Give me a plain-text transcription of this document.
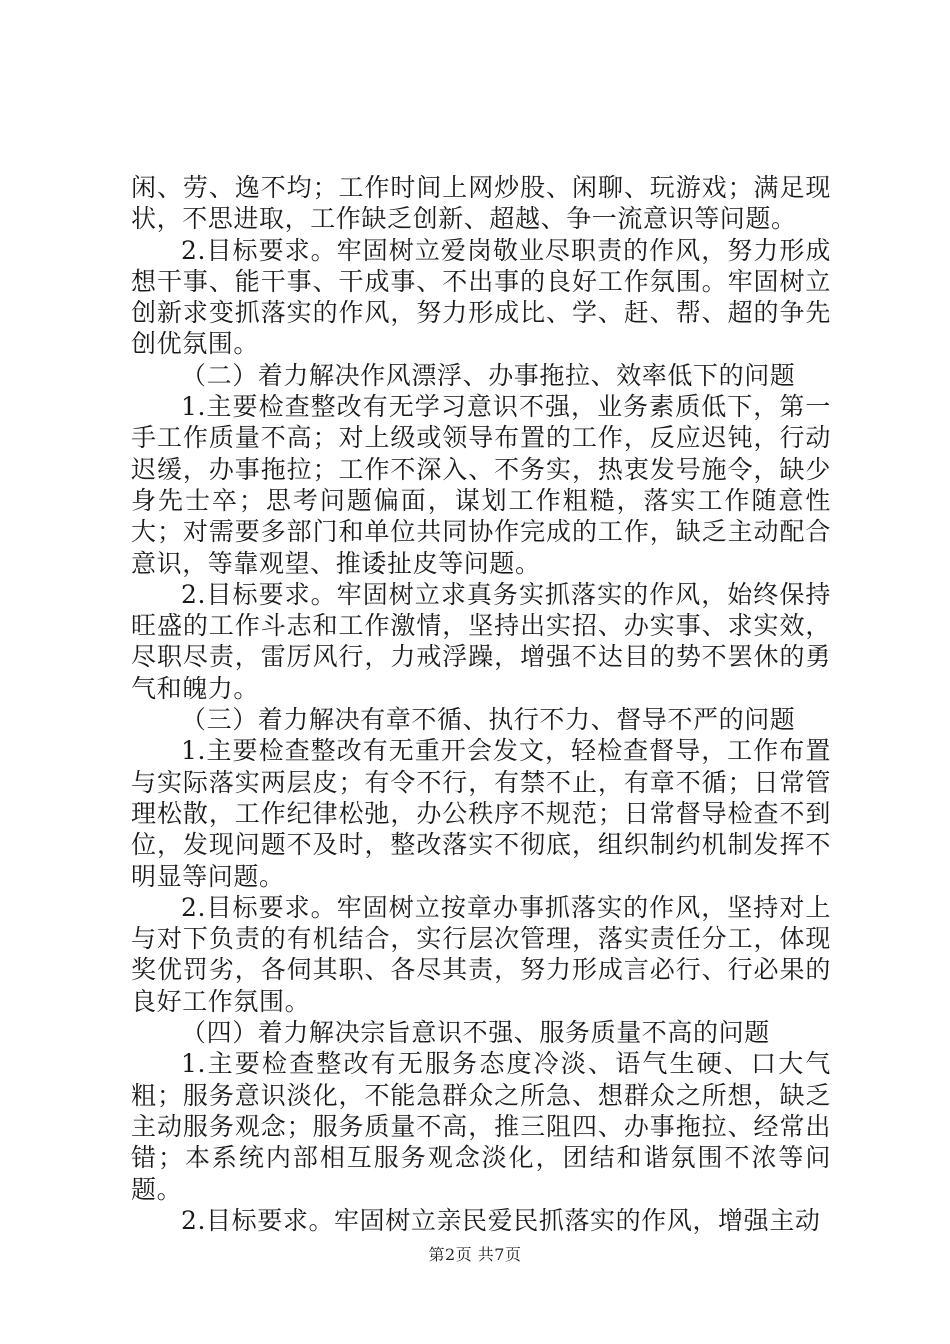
闲、劳、逸不均；工作时间上网炒股、闲聊、玩游戏；满足现状，不思进取，工作缺乏创新、超越、争一流意识等问题。

2.目标要求。牢固树立爱岗敬业尽职责的作风，努力形成想干事、能干事、干成事、不出事的良好工作氛围。牢固树立创新求变抓落实的作风，努力形成比、学、赶、帮、超的争先创优氛围。

（二）着力解决作风漂浮、办事拖拉、效率低下的问题

1.主要检查整改有无学习意识不强，业务素质低下，第一手工作质量不高；对上级或领导布置的工作，反应迟钝，行动迟缓，办事拖拉；工作不深入、不务实，热衷发号施令，缺少身先士卒；思考问题偏面，谋划工作粗糙，落实工作随意性大；对需要多部门和单位共同协作完成的工作，缺乏主动配合意识，等靠观望、推诿扯皮等问题。

2.目标要求。牢固树立求真务实抓落实的作风，始终保持旺盛的工作斗志和工作激情，坚持出实招、办实事、求实效，尽职尽责，雷厉风行，力戒浮躁，增强不达目的势不罢休的勇气和魄力。

（三）着力解决有章不循、执行不力、督导不严的问题

1.主要检查整改有无重开会发文，轻检查督导，工作布置与实际落实两层皮；有令不行，有禁不止，有章不循；日常管理松散，工作纪律松弛，办公秩序不规范；日常督导检查不到位，发现问题不及时，整改落实不彻底，组织制约机制发挥不明显等问题。

2.目标要求。牢固树立按章办事抓落实的作风，坚持对上与对下负责的有机结合，实行层次管理，落实责任分工，体现奖优罚劣，各伺其职、各尽其责，努力形成言必行、行必果的良好工作氛围。

（四）着力解决宗旨意识不强、服务质量不高的问题

1.主要检查整改有无服务态度冷淡、语气生硬、口大气粗；服务意识淡化，不能急群众之所急、想群众之所想，缺乏主动服务观念；服务质量不高，推三阻四、办事拖拉、经常出错；本系统内部相互服务观念淡化，团结和谐氛围不浓等问题。

2.目标要求。牢固树立亲民爱民抓落实的作风，增强主动

第2页 共7页
